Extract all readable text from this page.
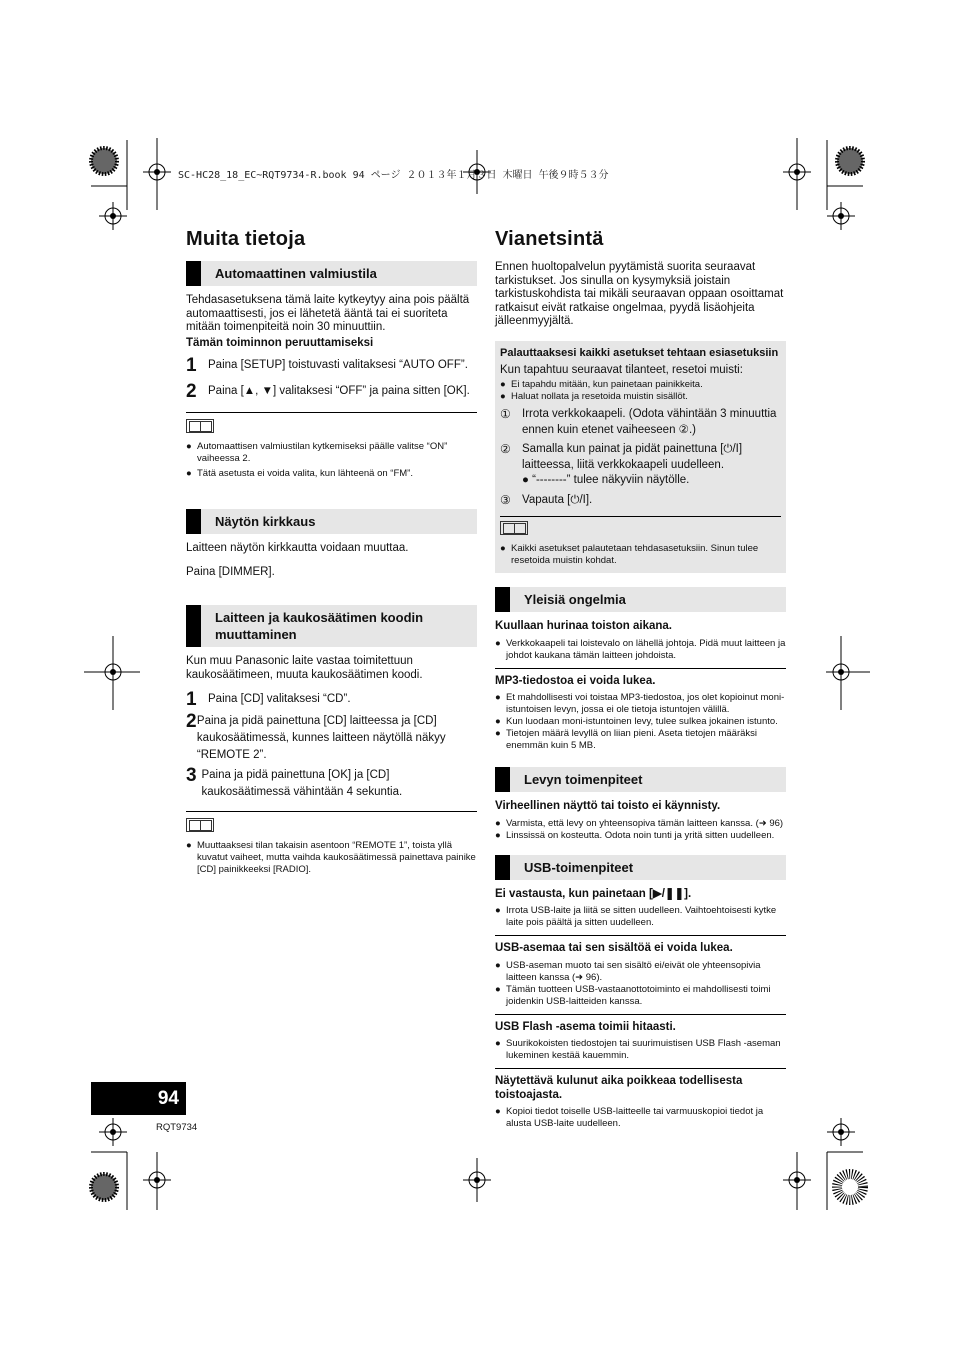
SC-HC28_18_EC~RQT9734-R.book 94 ページ ２０１３年１月３日 木曜日 午後９時５３分
Muita tietoja
Automaattinen valmiustila
Tehdasasetuksena tämä laite kytkeytyy aina pois päältä automaattisesti, jos ei lähetetä ääntä tai ei suoriteta mitään toimenpiteitä noin 30 minuuttiin.
Tämän toiminnon peruuttamiseksi
1 Paina [SETUP] toistuvasti valitaksesi “AUTO OFF”.
2 Paina [▲, ▼] valitaksesi “OFF” ja paina sitten [OK].
● Automaattisen valmiustilan kytkemiseksi päälle valitse “ON” vaiheessa 2.
● Tätä asetusta ei voida valita, kun lähteenä on “FM”.
Näytön kirkkaus
Laitteen näytön kirkkautta voidaan muuttaa.
Paina [DIMMER].
Laitteen ja kaukosäätimen koodin muuttaminen
Kun muu Panasonic laite vastaa toimitettuun kaukosäätimeen, muuta kaukosäätimen koodi.
1 Paina [CD] valitaksesi “CD”.
2 Paina ja pidä painettuna [CD] laitteessa ja [CD] kaukosäätimessä, kunnes laitteen näytöllä näkyy “REMOTE 2”.
3 Paina ja pidä painettuna [OK] ja [CD] kaukosäätimessä vähintään 4 sekuntia.
● Muuttaaksesi tilan takaisin asentoon “REMOTE 1”, toista yllä kuvatut vaiheet, mutta vaihda kaukosäätimessä painettava painike [CD] painikkeeksi [RADIO].
Vianetsintä
Ennen huoltopalvelun pyytämistä suorita seuraavat tarkistukset. Jos sinulla on kysymyksiä joistain tarkistuskohdista tai mikäli seuraavan oppaan osoittamat ratkaisut eivät ratkaise ongelmaa, pyydä lisäohjeita jälleenmyyjältä.
Palauttaaksesi kaikki asetukset tehtaan esiasetuksiin
Kun tapahtuu seuraavat tilanteet, resetoi muisti:
● Ei tapahdu mitään, kun painetaan painikkeita.
● Haluat nollata ja resetoida muistin sisällöt.
① Irrota verkkokaapeli. (Odota vähintään 3 minuuttia ennen kuin etenet vaiheeseen ②.)
② Samalla kun painat ja pidät painettuna [⏻/I] laitteessa, liitä verkkokaapeli uudelleen.
● “--------” tulee näkyviin näytölle.
③ Vapauta [⏻/I].
● Kaikki asetukset palautetaan tehdasasetuksiin. Sinun tulee resetoida muistin kohdat.
Yleisiä ongelmia
Kuullaan hurinaa toiston aikana.
● Verkkokaapeli tai loistevalo on lähellä johtoja. Pidä muut laitteen ja johdot kaukana tämän laitteen johdoista.
MP3-tiedostoa ei voida lukea.
● Et mahdollisesti voi toistaa MP3-tiedostoa, jos olet kopioinut moni-istuntoisen levyn, jossa ei ole tietoja istuntojen välillä.
● Kun luodaan moni-istuntoinen levy, tulee sulkea jokainen istunto.
● Tietojen määrä levyllä on liian pieni. Aseta tietojen määräksi enemmän kuin 5 MB.
Levyn toimenpiteet
Virheellinen näyttö tai toisto ei käynnisty.
● Varmista, että levy on yhteensopiva tämän laitteen kanssa. (➜ 96)
● Linssissä on kosteutta. Odota noin tunti ja yritä sitten uudelleen.
USB-toimenpiteet
Ei vastausta, kun painetaan [▶/❚❚].
● Irrota USB-laite ja liitä se sitten uudelleen. Vaihtoehtoisesti kytke laite pois päältä ja sitten uudelleen.
USB-asemaa tai sen sisältöä ei voida lukea.
● USB-aseman muoto tai sen sisältö ei/eivät ole yhteensopivia laitteen kanssa (➜ 96).
● Tämän tuotteen USB-vastaanottotoiminto ei mahdollisesti toimi joidenkin USB-laitteiden kanssa.
USB Flash -asema toimii hitaasti.
● Suurikokoisten tiedostojen tai suurimuistisen USB Flash -aseman lukeminen kestää kauemmin.
Näytettävä kulunut aika poikkeaa todellisesta toistoajasta.
● Kopioi tiedot toiselle USB-laitteelle tai varmuuskopioi tiedot ja alusta USB-laite uudelleen.
94
RQT9734
